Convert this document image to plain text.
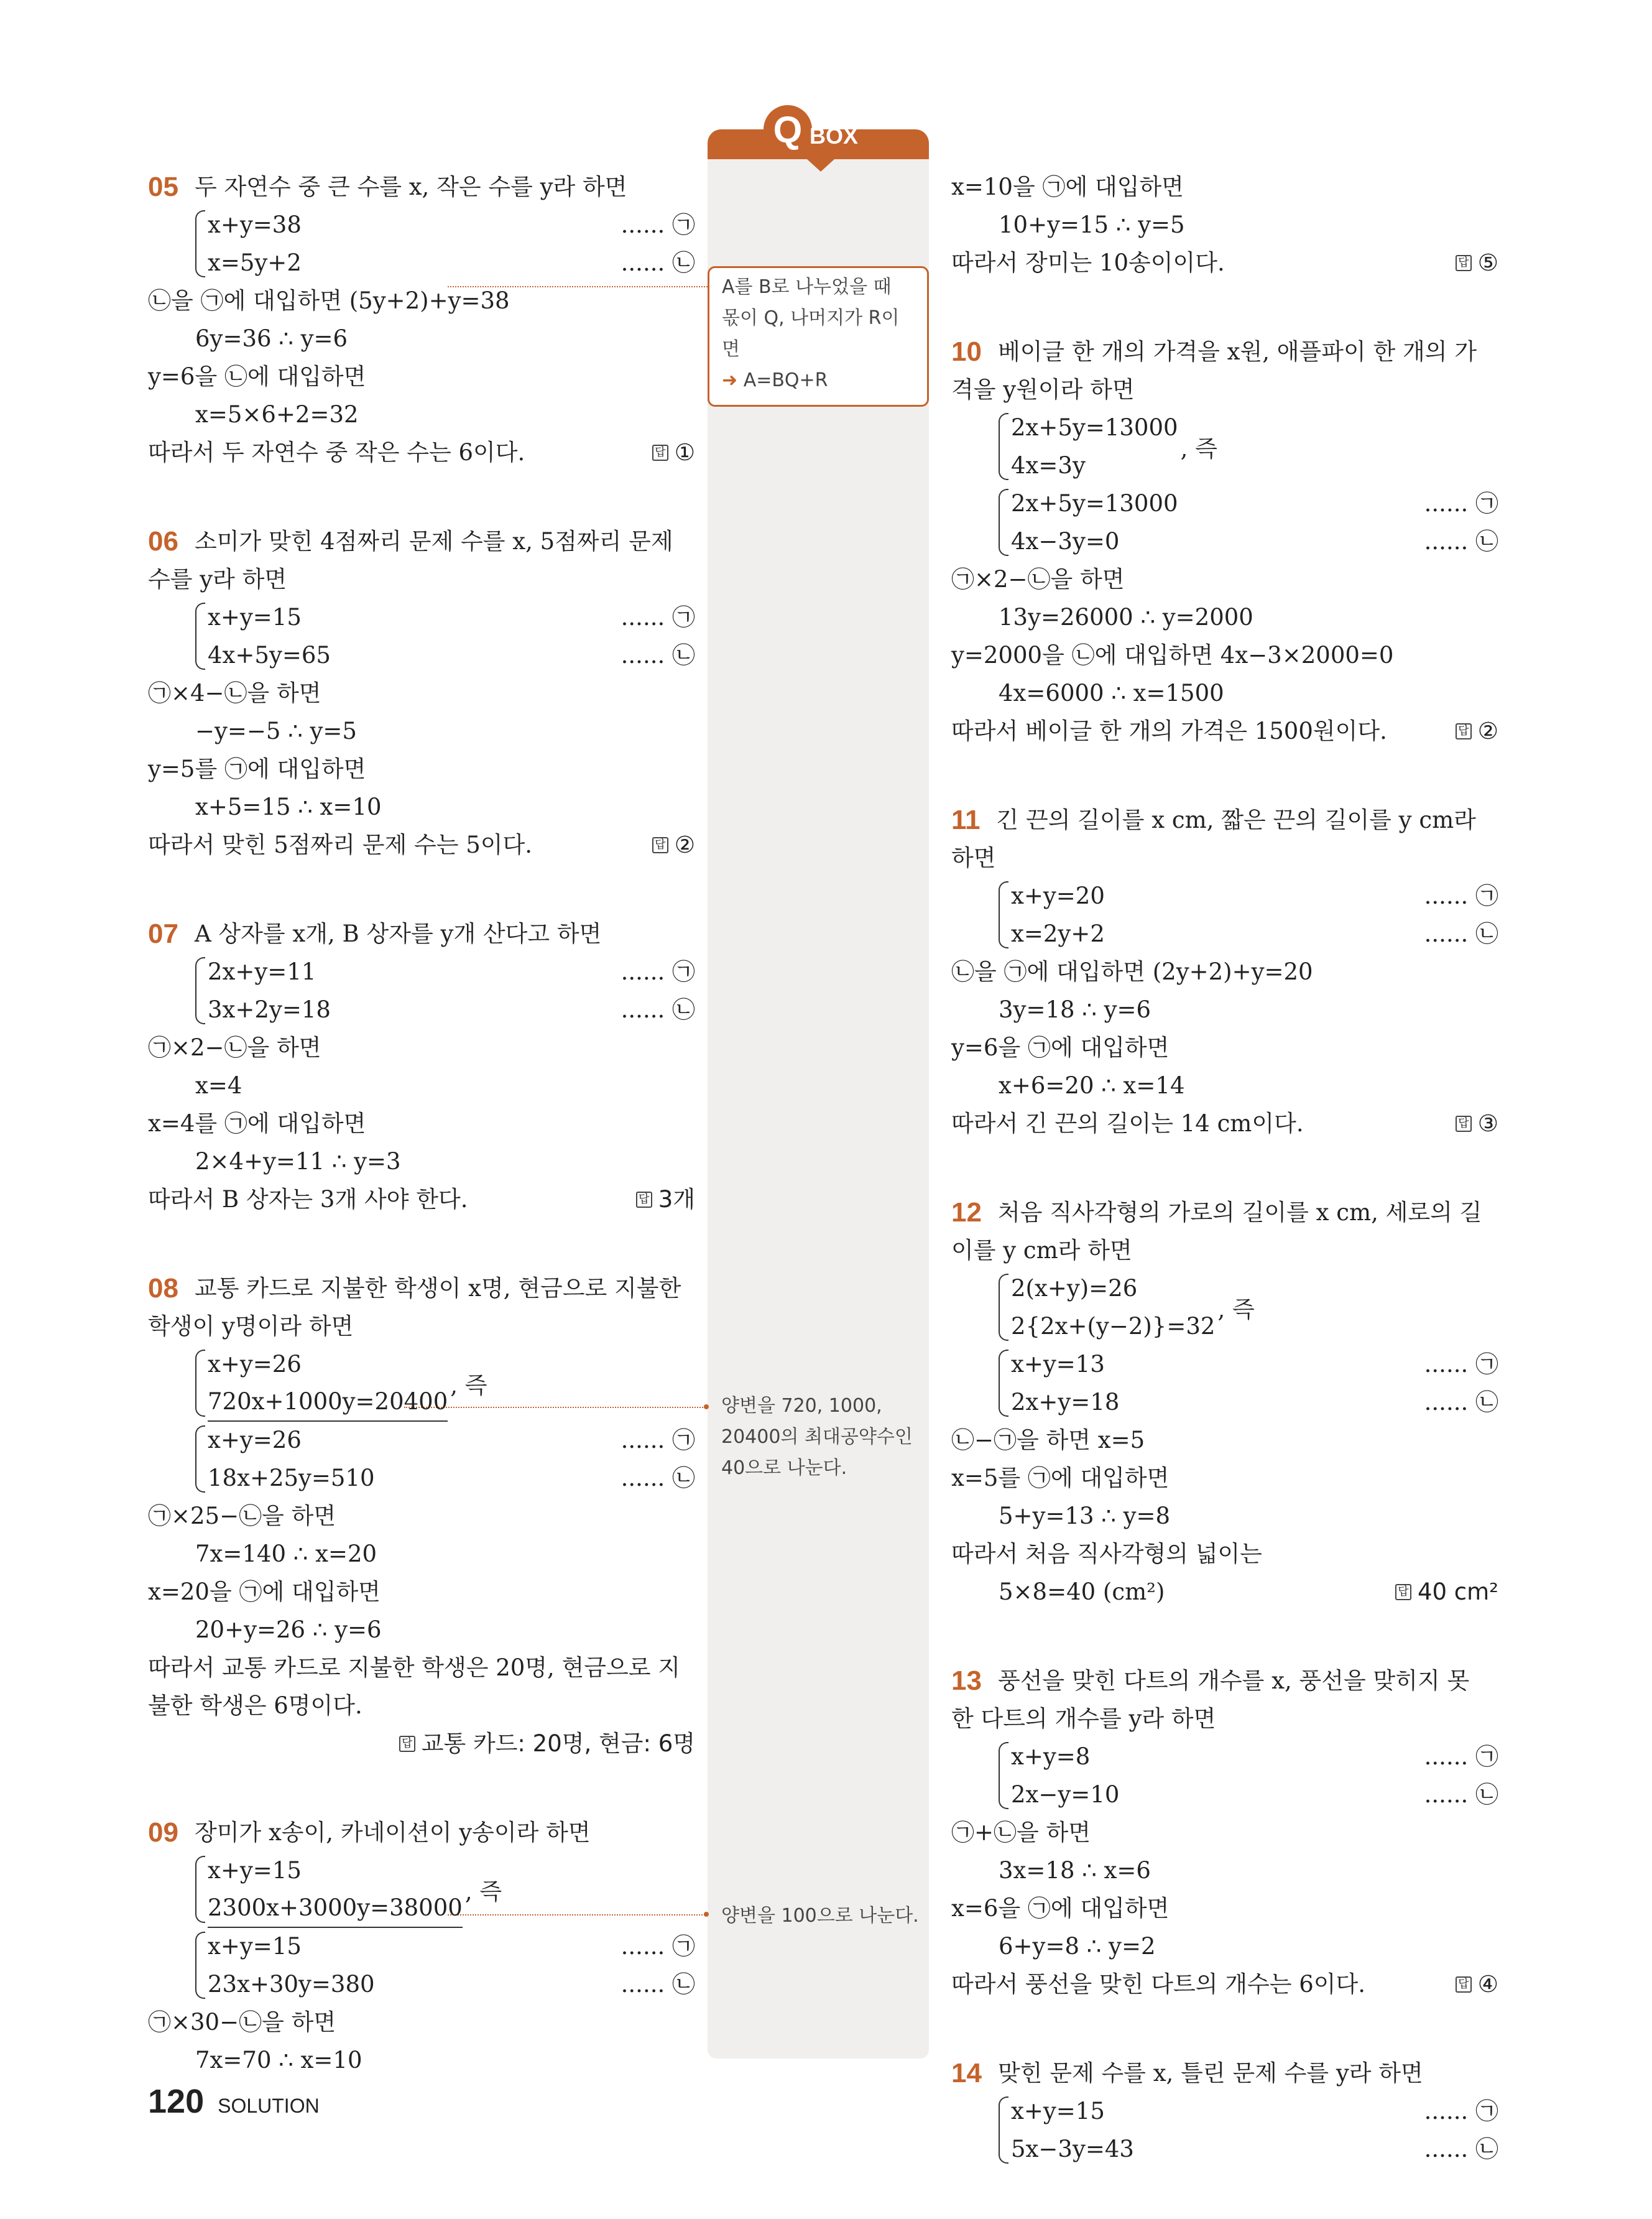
Q BOX
A를 B로 나누었을 때 몫이 Q, 나머지가 R이면
➜ A=BQ+R
양변을 720, 1000, 20400의 최대공약수인 40으로 나눈다.
양변을 100으로 나눈다.
05 두 자연수 중 큰 수를 x, 작은 수를 y라 하면
x+y=38	...... ㉠
x=5y+2	...... ㉡
㉡을 ㉠에 대입하면 (5y+2)+y=38
6y=36 ∴ y=6
y=6을 ㉡에 대입하면
x=5×6+2=32
따라서 두 자연수 중 작은 수는 6이다.	답 ①
06 소미가 맞힌 4점짜리 문제 수를 x, 5점짜리 문제
수를 y라 하면
x+y=15	...... ㉠
4x+5y=65	...... ㉡
㉠×4−㉡을 하면
−y=−5 ∴ y=5
y=5를 ㉠에 대입하면
x+5=15 ∴ x=10
따라서 맞힌 5점짜리 문제 수는 5이다.	답 ②
07 A 상자를 x개, B 상자를 y개 산다고 하면
2x+y=11	...... ㉠
3x+2y=18	...... ㉡
㉠×2−㉡을 하면
x=4
x=4를 ㉠에 대입하면
2×4+y=11 ∴ y=3
따라서 B 상자는 3개 사야 한다.	답 3개
08 교통 카드로 지불한 학생이 x명, 현금으로 지불한
학생이 y명이라 하면
x+y=26
720x+1000y=20400
, 즉
x+y=26	...... ㉠
18x+25y=510	...... ㉡
㉠×25−㉡을 하면
7x=140 ∴ x=20
x=20을 ㉠에 대입하면
20+y=26 ∴ y=6
따라서 교통 카드로 지불한 학생은 20명, 현금으로 지
불한 학생은 6명이다.
답 교통 카드: 20명, 현금: 6명
09 장미가 x송이, 카네이션이 y송이라 하면
x+y=15
2300x+3000y=38000
, 즉
x+y=15	...... ㉠
23x+30y=380	...... ㉡
㉠×30−㉡을 하면
7x=70 ∴ x=10
x=10을 ㉠에 대입하면
10+y=15 ∴ y=5
따라서 장미는 10송이이다.	답 ⑤
10 베이글 한 개의 가격을 x원, 애플파이 한 개의 가
격을 y원이라 하면
2x+5y=13000
4x=3y
, 즉
2x+5y=13000	...... ㉠
4x−3y=0	...... ㉡
㉠×2−㉡을 하면
13y=26000 ∴ y=2000
y=2000을 ㉡에 대입하면 4x−3×2000=0
4x=6000 ∴ x=1500
따라서 베이글 한 개의 가격은 1500원이다.	답 ②
11 긴 끈의 길이를 x cm, 짧은 끈의 길이를 y cm라
하면
x+y=20	...... ㉠
x=2y+2	...... ㉡
㉡을 ㉠에 대입하면 (2y+2)+y=20
3y=18 ∴ y=6
y=6을 ㉠에 대입하면
x+6=20 ∴ x=14
따라서 긴 끈의 길이는 14 cm이다.	답 ③
12 처음 직사각형의 가로의 길이를 x cm, 세로의 길
이를 y cm라 하면
2(x+y)=26
2{2x+(y−2)}=32
, 즉
x+y=13	...... ㉠
2x+y=18	...... ㉡
㉡−㉠을 하면 x=5
x=5를 ㉠에 대입하면
5+y=13 ∴ y=8
따라서 처음 직사각형의 넓이는
5×8=40 (cm²)	답 40 cm²
13 풍선을 맞힌 다트의 개수를 x, 풍선을 맞히지 못
한 다트의 개수를 y라 하면
x+y=8	...... ㉠
2x−y=10	...... ㉡
㉠+㉡을 하면
3x=18 ∴ x=6
x=6을 ㉠에 대입하면
6+y=8 ∴ y=2
따라서 풍선을 맞힌 다트의 개수는 6이다.	답 ④
14 맞힌 문제 수를 x, 틀린 문제 수를 y라 하면
x+y=15	...... ㉠
5x−3y=43	...... ㉡
120 SOLUTION
